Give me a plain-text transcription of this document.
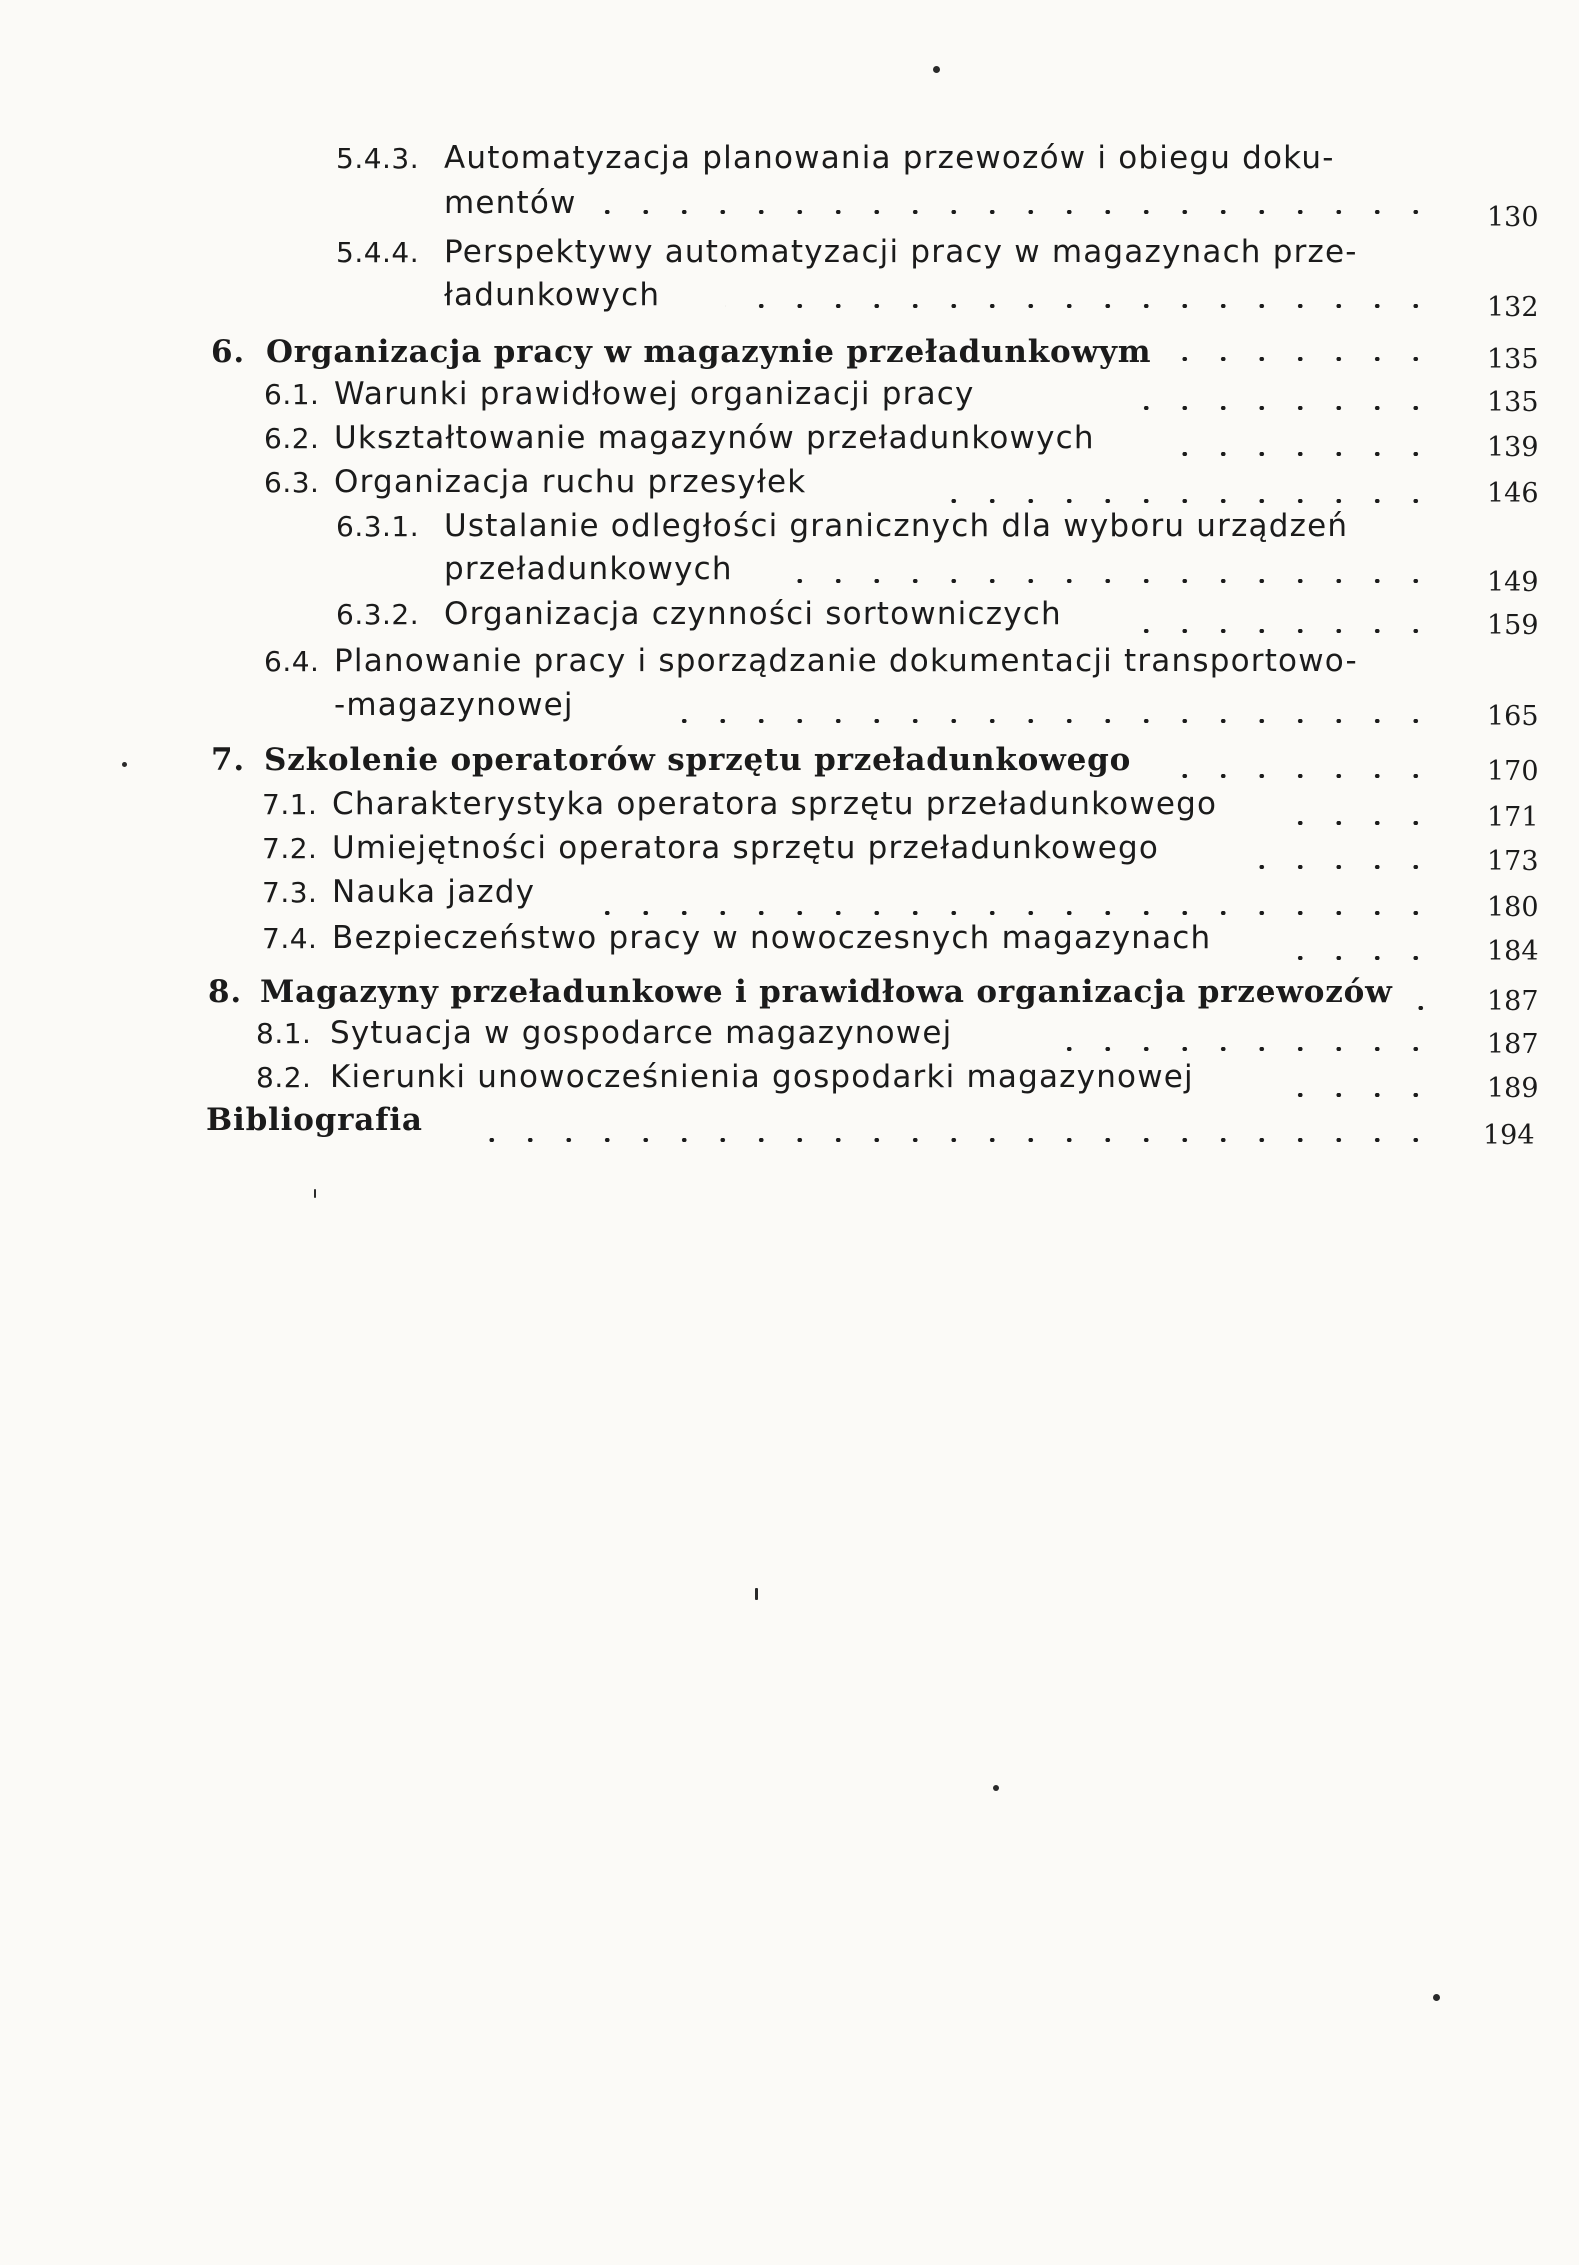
5.4.3. Automatyzacja planowania przewozów i obiegu doku-
mentów	130
5.4.4. Perspektywy automatyzacji pracy w magazynach prze-
ładunkowych	132
6. Organizacja pracy w magazynie przeładunkowym	135
6.1. Warunki prawidłowej organizacji pracy	135
6.2. Ukształtowanie magazynów przeładunkowych	139
6.3. Organizacja ruchu przesyłek	146
6.3.1. Ustalanie odległości granicznych dla wyboru urządzeń
przeładunkowych	149
6.3.2. Organizacja czynności sortowniczych	159
6.4. Planowanie pracy i sporządzanie dokumentacji transportowo-
-magazynowej	165
7. Szkolenie operatorów sprzętu przeładunkowego	170
7.1. Charakterystyka operatora sprzętu przeładunkowego	171
7.2. Umiejętności operatora sprzętu przeładunkowego	173
7.3. Nauka jazdy	180
7.4. Bezpieczeństwo pracy w nowoczesnych magazynach	184
8. Magazyny przeładunkowe i prawidłowa organizacja przewozów	187
8.1. Sytuacja w gospodarce magazynowej	187
8.2. Kierunki unowocześnienia gospodarki magazynowej	189
Bibliografia	194
